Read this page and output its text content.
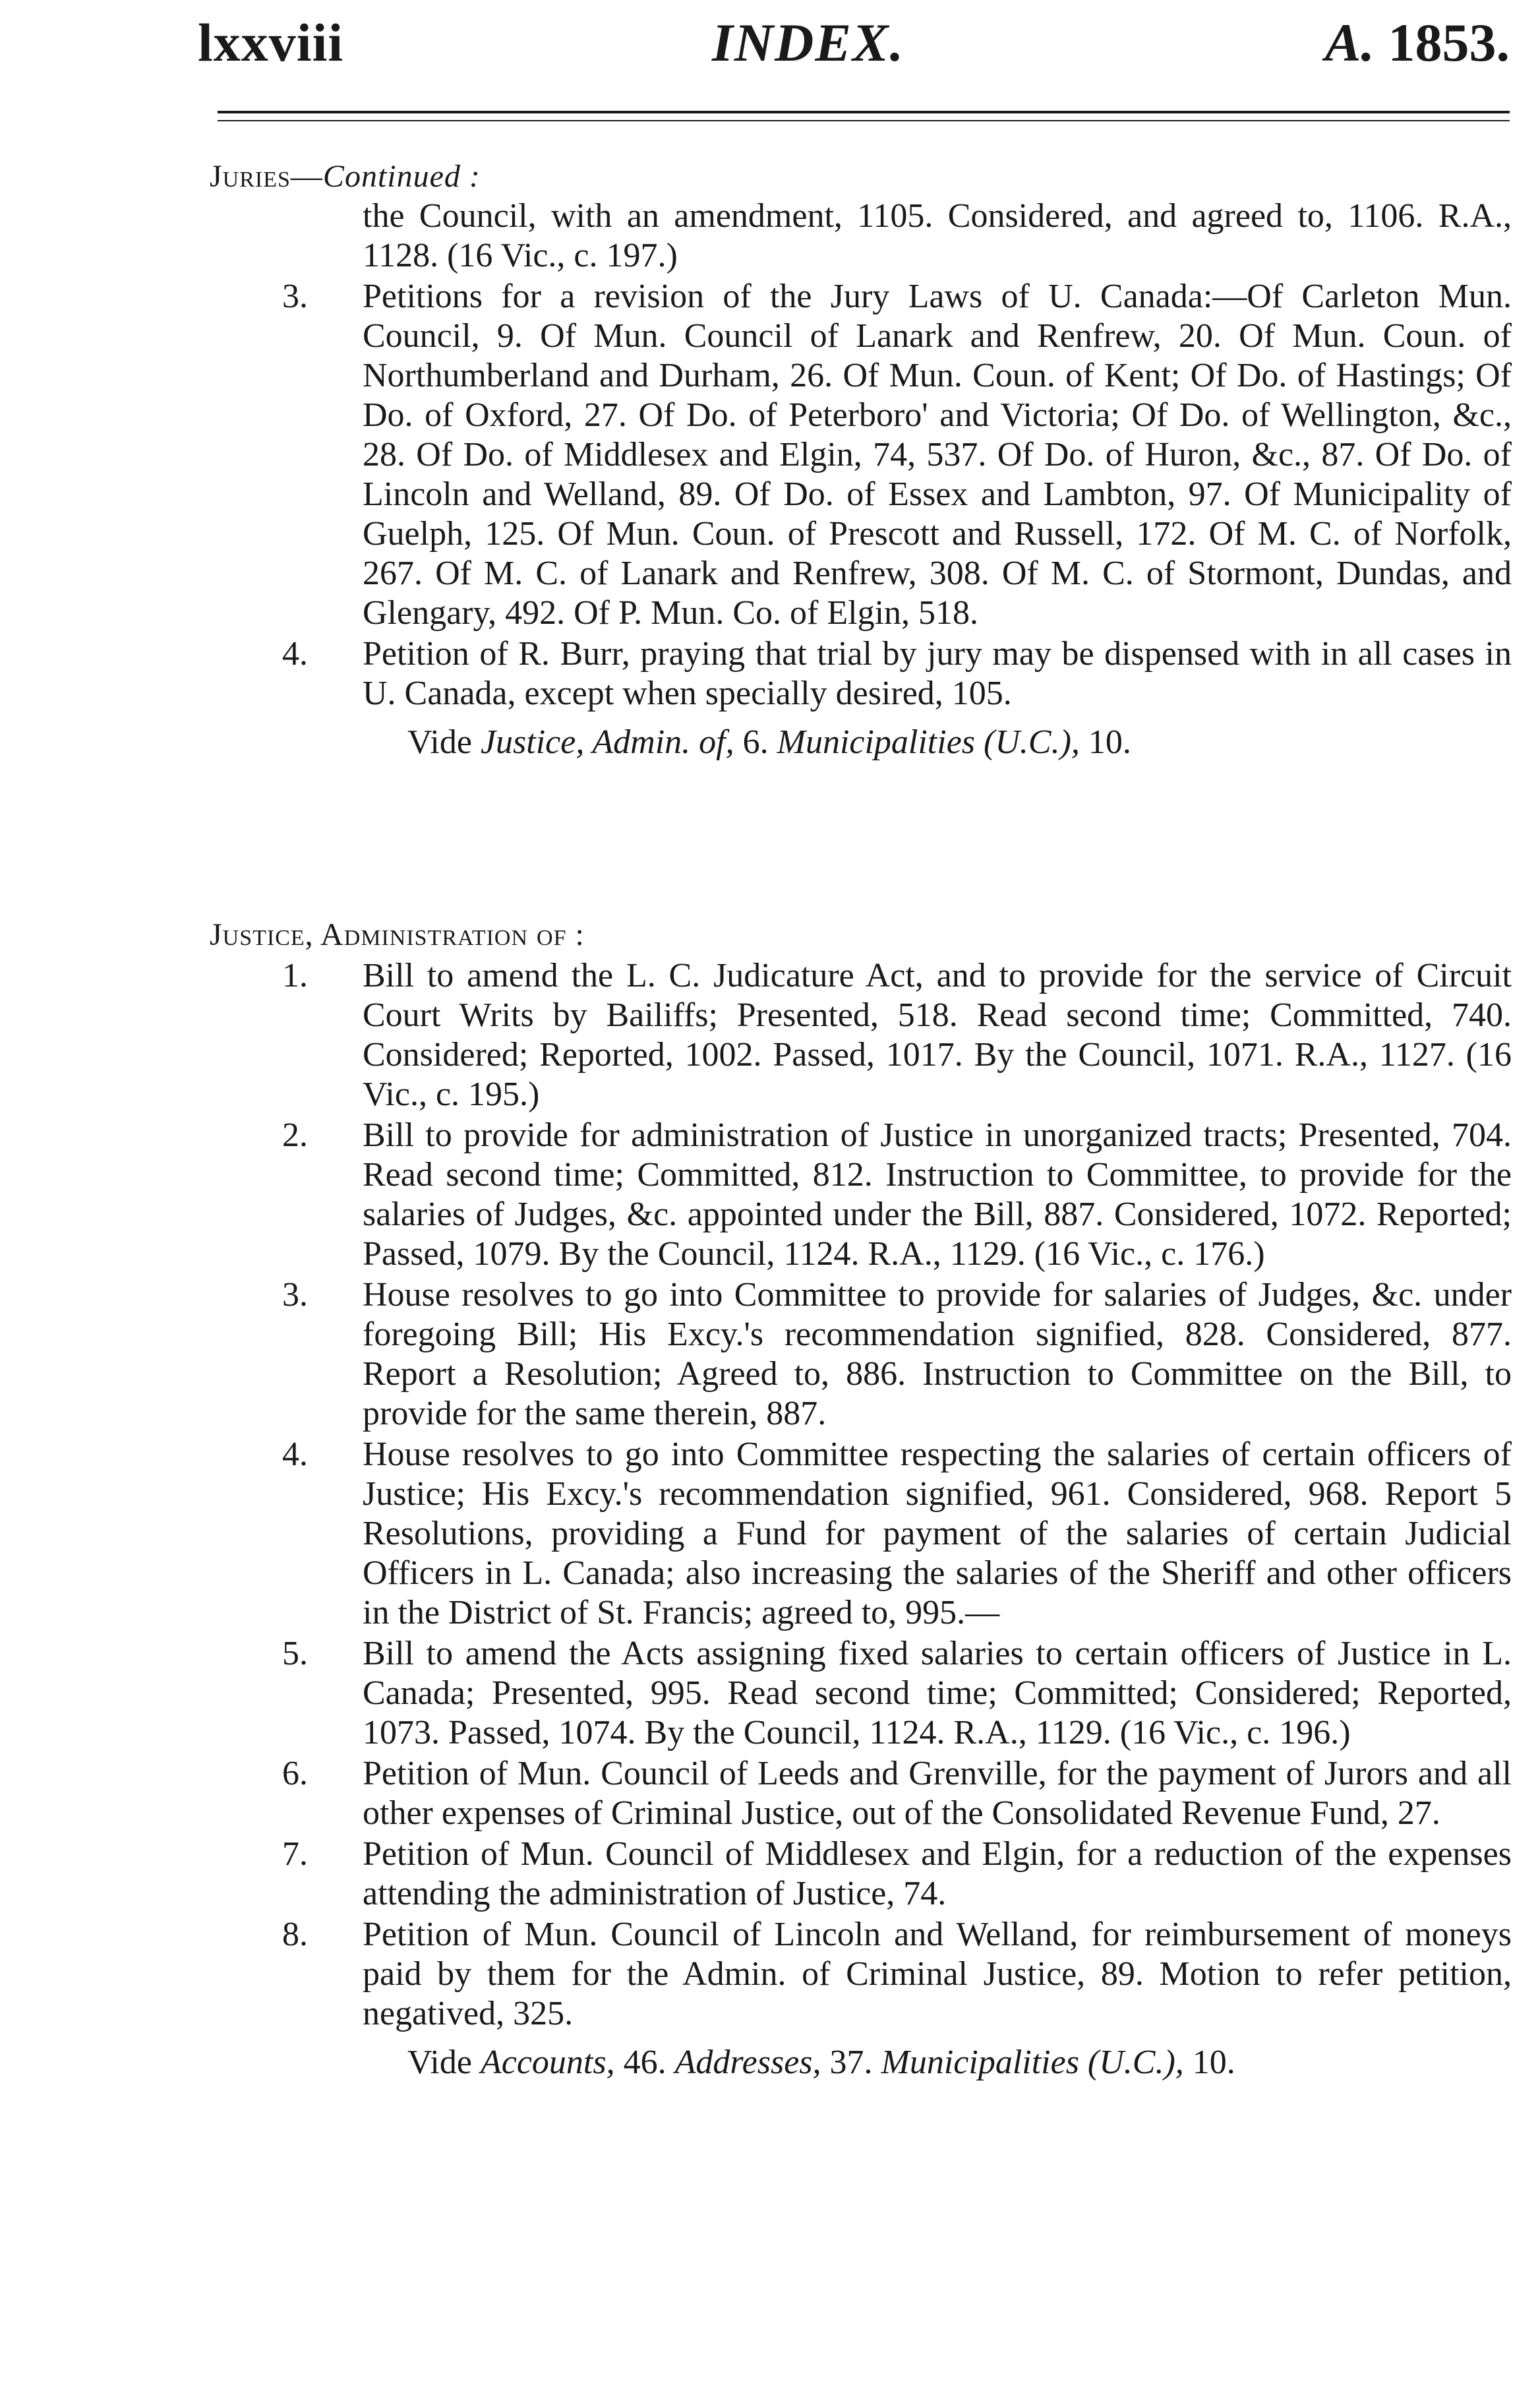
lxxviii	INDEX.	A. 1853.
Juries—Continued :
the Council, with an amendment, 1105. Considered, and agreed to, 1106. R.A., 1128. (16 Vic., c. 197.)
3. Petitions for a revision of the Jury Laws of U. Canada:—Of Carleton Mun. Council, 9. Of Mun. Council of Lanark and Renfrew, 20. Of Mun. Coun. of Northumberland and Durham, 26. Of Mun. Coun. of Kent; Of Do. of Hastings; Of Do. of Oxford, 27. Of Do. of Peterboro' and Victoria; Of Do. of Wellington, &c., 28. Of Do. of Middlesex and Elgin, 74, 537. Of Do. of Huron, &c., 87. Of Do. of Lincoln and Welland, 89. Of Do. of Essex and Lambton, 97. Of Municipality of Guelph, 125. Of Mun. Coun. of Prescott and Russell, 172. Of M. C. of Norfolk, 267. Of M. C. of Lanark and Renfrew, 308. Of M. C. of Stormont, Dundas, and Glengary, 492. Of P. Mun. Co. of Elgin, 518.
4. Petition of R. Burr, praying that trial by jury may be dispensed with in all cases in U. Canada, except when specially desired, 105.
Vide Justice, Admin. of, 6. Municipalities (U.C.), 10.
Justice, Administration of :
1. Bill to amend the L. C. Judicature Act, and to provide for the service of Circuit Court Writs by Bailiffs; Presented, 518. Read second time; Committed, 740. Considered; Reported, 1002. Passed, 1017. By the Council, 1071. R.A., 1127. (16 Vic., c. 195.)
2. Bill to provide for administration of Justice in unorganized tracts; Presented, 704. Read second time; Committed, 812. Instruction to Committee, to provide for the salaries of Judges, &c. appointed under the Bill, 887. Considered, 1072. Reported; Passed, 1079. By the Council, 1124. R.A., 1129. (16 Vic., c. 176.)
3. House resolves to go into Committee to provide for salaries of Judges, &c. under foregoing Bill; His Excy.'s recommendation signified, 828. Considered, 877. Report a Resolution; Agreed to, 886. Instruction to Committee on the Bill, to provide for the same therein, 887.
4. House resolves to go into Committee respecting the salaries of certain officers of Justice; His Excy.'s recommendation signified, 961. Considered, 968. Report 5 Resolutions, providing a Fund for payment of the salaries of certain Judicial Officers in L. Canada; also increasing the salaries of the Sheriff and other officers in the District of St. Francis; agreed to, 995.—
5. Bill to amend the Acts assigning fixed salaries to certain officers of Justice in L. Canada; Presented, 995. Read second time; Committed; Considered; Reported, 1073. Passed, 1074. By the Council, 1124. R.A., 1129. (16 Vic., c. 196.)
6. Petition of Mun. Council of Leeds and Grenville, for the payment of Jurors and all other expenses of Criminal Justice, out of the Consolidated Revenue Fund, 27.
7. Petition of Mun. Council of Middlesex and Elgin, for a reduction of the expenses attending the administration of Justice, 74.
8. Petition of Mun. Council of Lincoln and Welland, for reimbursement of moneys paid by them for the Admin. of Criminal Justice, 89. Motion to refer petition, negatived, 325.
Vide Accounts, 46. Addresses, 37. Municipalities (U.C.), 10.
